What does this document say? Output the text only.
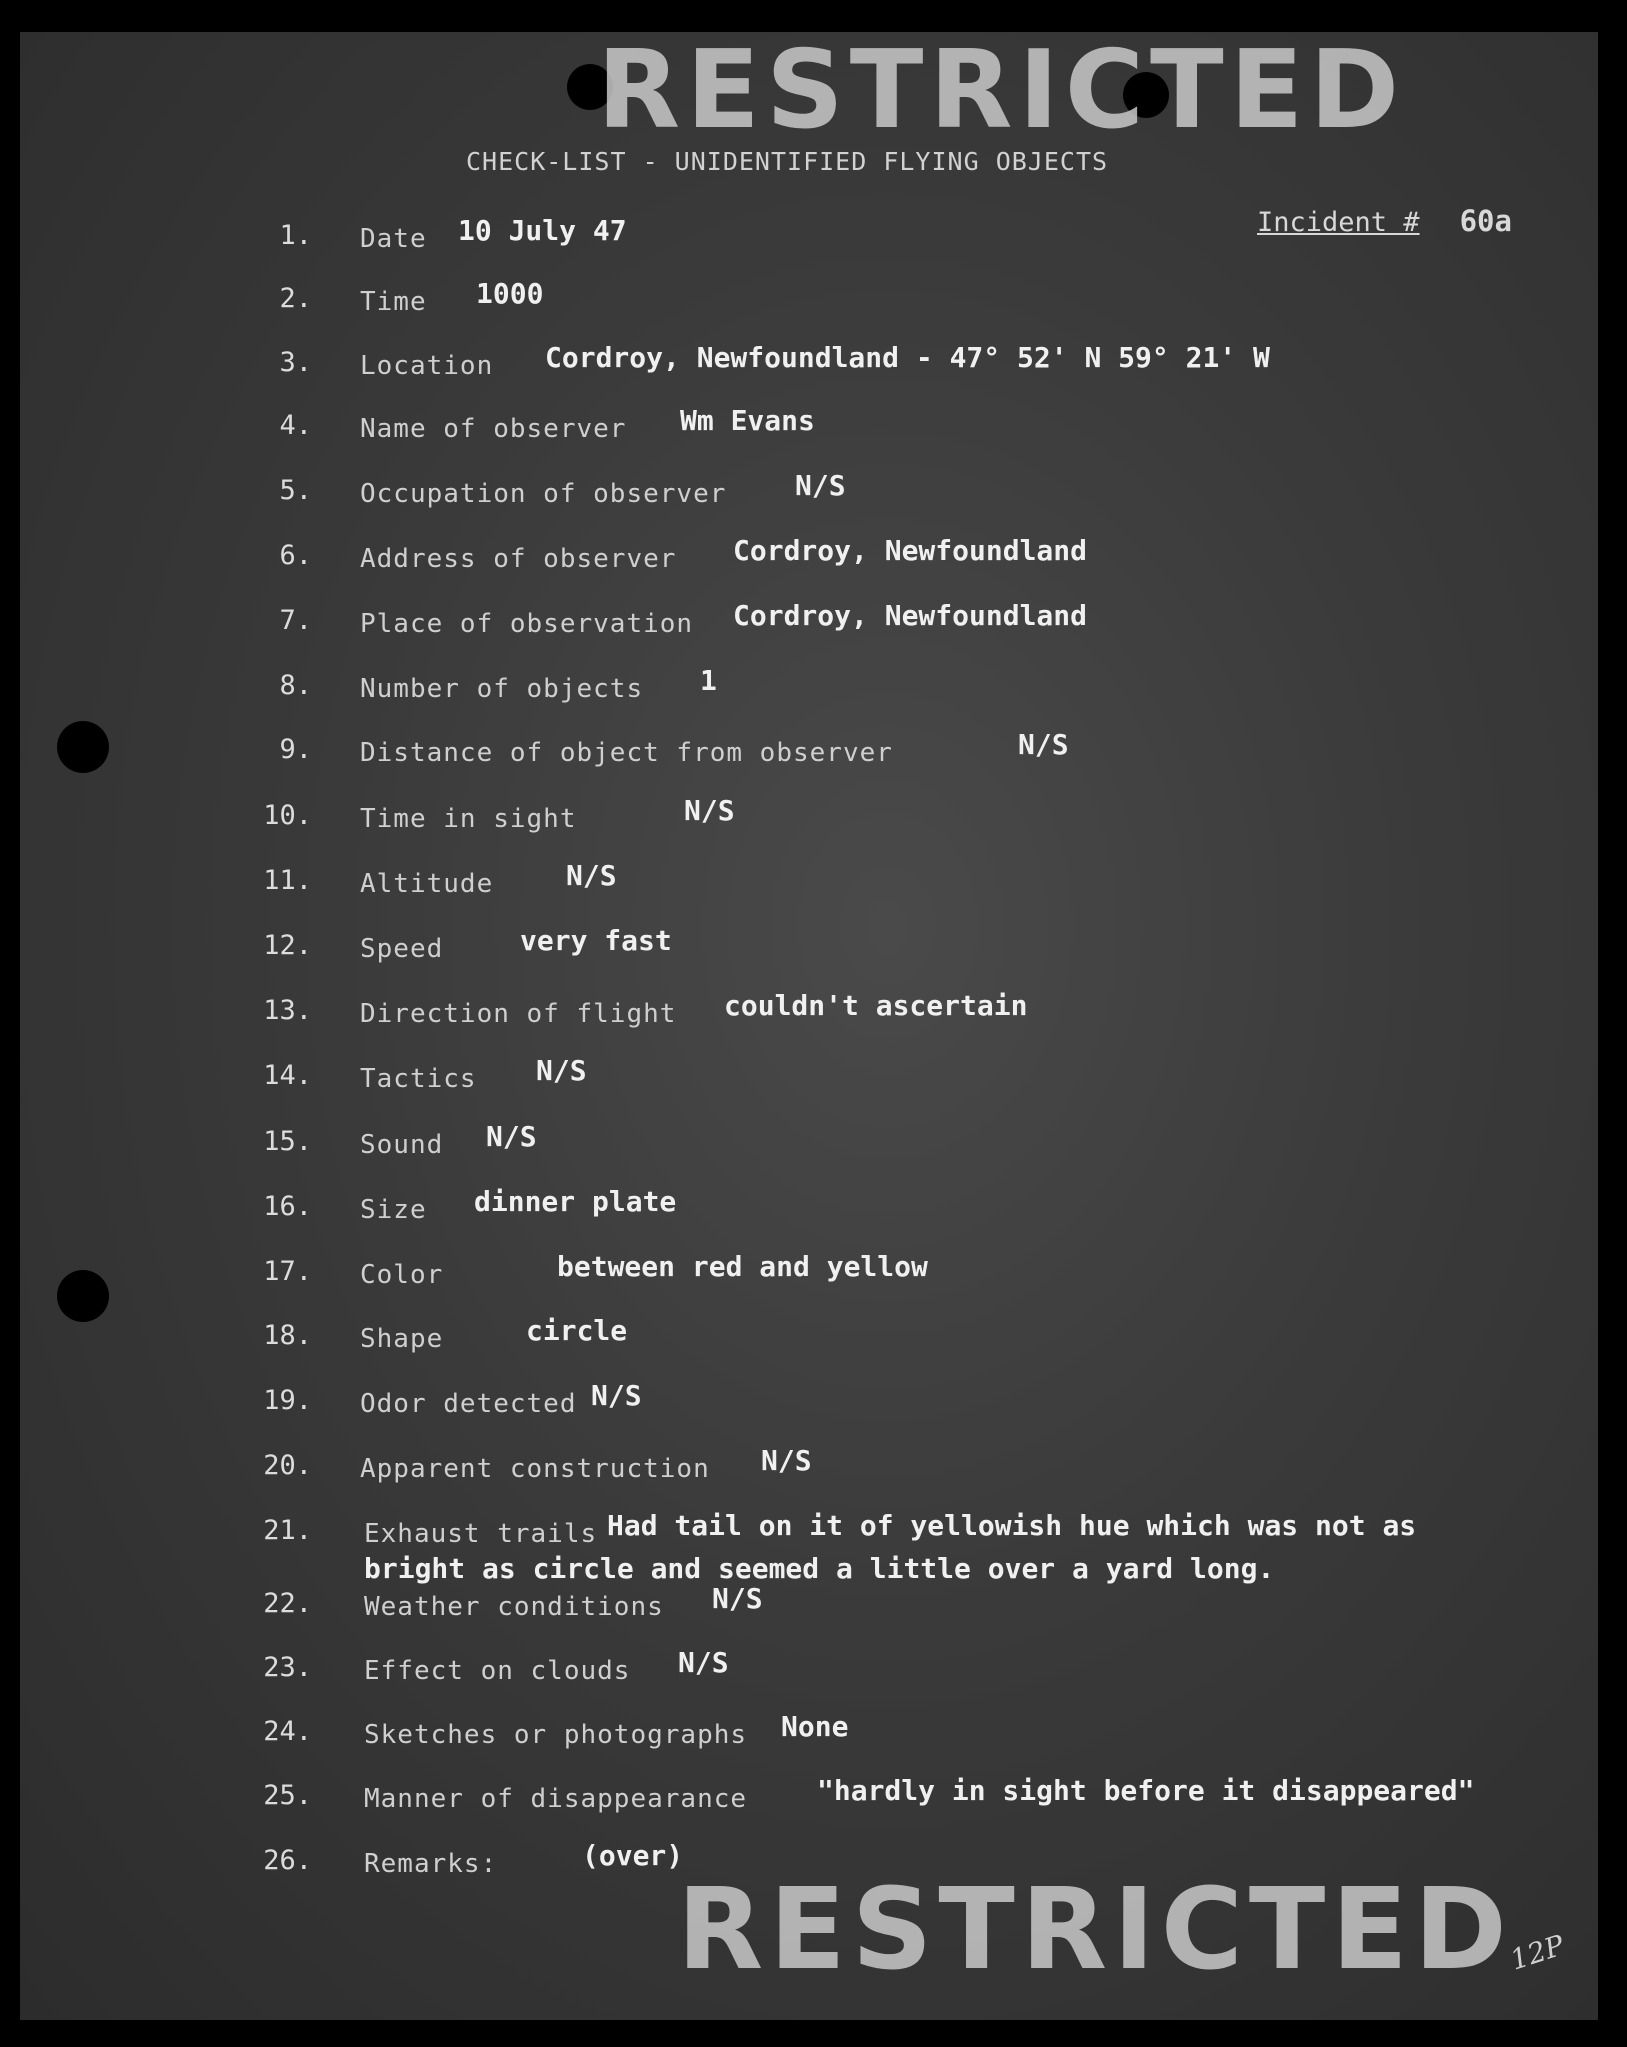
RESTRICTED
CHECK-LIST - UNIDENTIFIED FLYING OBJECTS
Incident # 60a
1. Date 10 July 47
2. Time 1000
3. Location Cordroy, Newfoundland - 47° 52' N 59° 21' W
4. Name of observer Wm Evans
5. Occupation of observer N/S
6. Address of observer Cordroy, Newfoundland
7. Place of observation Cordroy, Newfoundland
8. Number of objects 1
9. Distance of object from observer	N/S
10. Time in sight	N/S
11. Altitude	N/S
12. Speed	very fast
13. Direction of flight couldn't ascertain
14. Tactics N/S
15. Sound N/S
16. Size dinner plate
17. Color	between red and yellow
18. Shape	circle
19. Odor detected N/S
20. Apparent construction N/S
21. Exhaust trails Had tail on it of yellowish hue which was not as
bright as circle and seemed a little over a yard long.
22. Weather conditions N/S
23. Effect on clouds N/S
24. Sketches or photographs None
25. Manner of disappearance "hardly in sight before it disappeared"
26. Remarks:	(over)
RESTRICTED
12P
